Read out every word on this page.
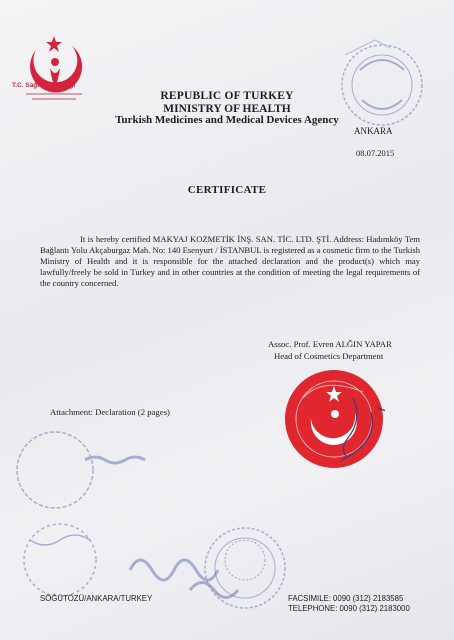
T.C. Sağlık Bakanlığı
REPUBLIC OF TURKEY
MINISTRY OF HEALTH
Turkish Medicines and Medical Devices Agency
ANKARA
08.07.2015
CERTIFICATE
It is hereby certified MAKYAJ KOZMETİK İNŞ. SAN. TİC. LTD. ŞTİ. Address: Hadımköy Tem Bağlantı Yolu Akçaburgaz Mah. No: 140 Esenyurt / İSTANBUL is registered as a cosmetic firm to the Turkish Ministry of Health and it is responsible for the attached declaration and the product(s) which may lawfully/freely be sold in Turkey and in other countries at the condition of meeting the legal requirements of the country concerned.
Assoc. Prof. Evren ALĞIN YAPAR
Head of Cosmetics Department
Attachment: Declaration (2 pages)
SÖĞÜTÖZÜ/ANKARA/TURKEY	FACSIMILE: 0090 (312) 2183585
TELEPHONE: 0090 (312) 2183000
